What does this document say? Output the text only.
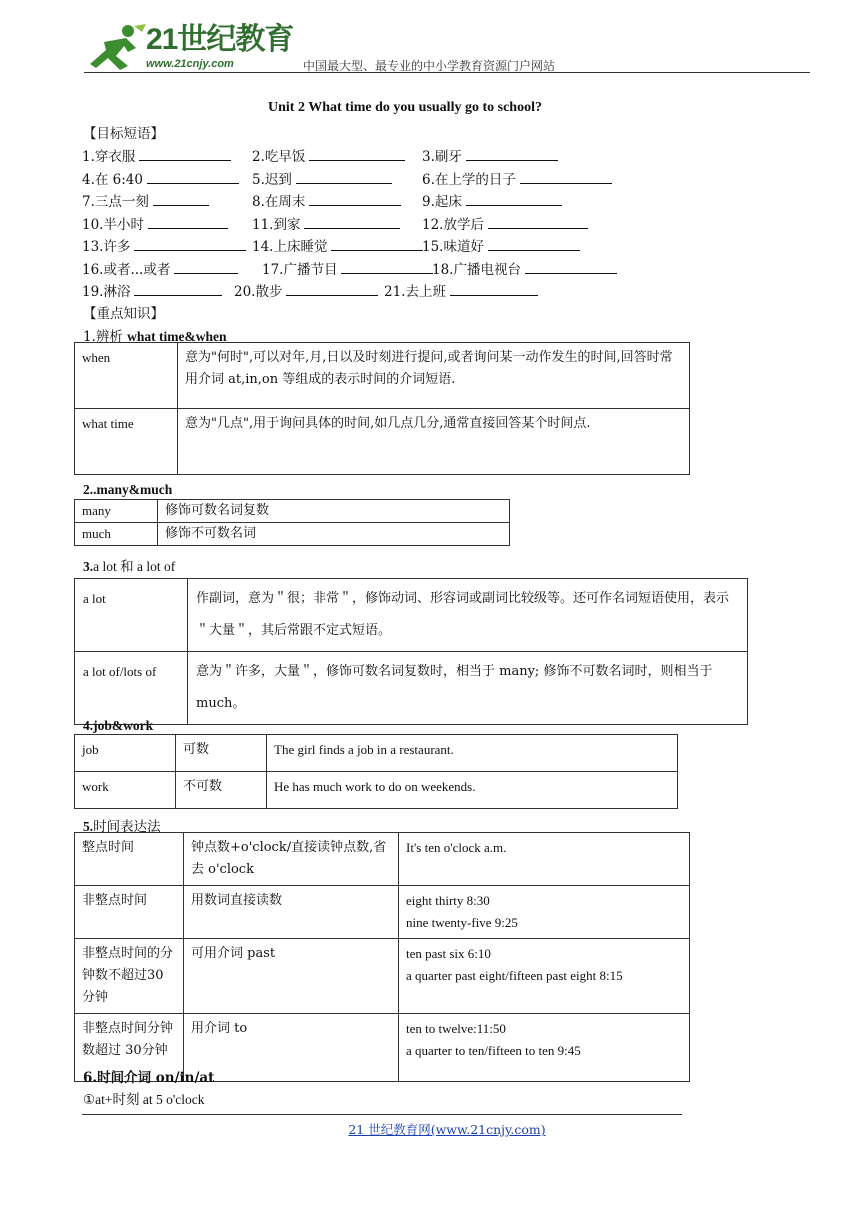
21世纪教育
www.21cnjy.com	中国最大型、最专业的中小学教育资源门户网站
Unit 2 What time do you usually go to school?
【目标短语】
1.穿衣服	2.吃早饭	3.刷牙
4.在 6:40	5.迟到	6.在上学的日子
7.三点一刻	8.在周末	9.起床
10.半小时	11.到家	12.放学后
13.许多	14.上床睡觉	15.味道好
16.或者...或者	17.广播节目	18.广播电视台
19.淋浴	20.散步	21.去上班
【重点知识】
1.辨析 what time&when
when	意为"何时",可以对年,月,日以及时刻进行提问,或者询问某一动作发生的时间,回答时常用介词 at,in,on 等组成的表示时间的介词短语.
what time	意为"几点",用于询问具体的时间,如几点几分,通常直接回答某个时间点.
2..many&much
many	修饰可数名词复数
much	修饰不可数名词
3.a lot 和 a lot of
a lot	作副词，意为＂很；非常＂，修饰动词、形容词或副词比较级等。还可作名词短语使用，表示＂大量＂，其后常跟不定式短语。
a lot of/lots of	意为＂许多，大量＂，修饰可数名词复数时，相当于 many; 修饰不可数名词时，则相当于 much。
4.job&work
job	可数	The girl finds a job in a restaurant.
work	不可数	He has much work to do on weekends.
5.时间表达法
整点时间	钟点数+o'clock/直接读钟点数,省去 o'clock	It's ten o'clock a.m.

非整点时间	用数词直接读数	eight thirty 8:30
nine twenty-five 9:25

非整点时间的分钟数不超过30 分钟	可用介词 past	ten past six 6:10
a quarter past eight/fifteen past eight 8:15

非整点时间分钟数超过 30分钟	用介词 to	ten to twelve:11:50
a quarter to ten/fifteen to ten 9:45
6.时间介词 on/in/at
①at+时刻 at 5 o'clock
21 世纪教育网(www.21cnjy.com)
